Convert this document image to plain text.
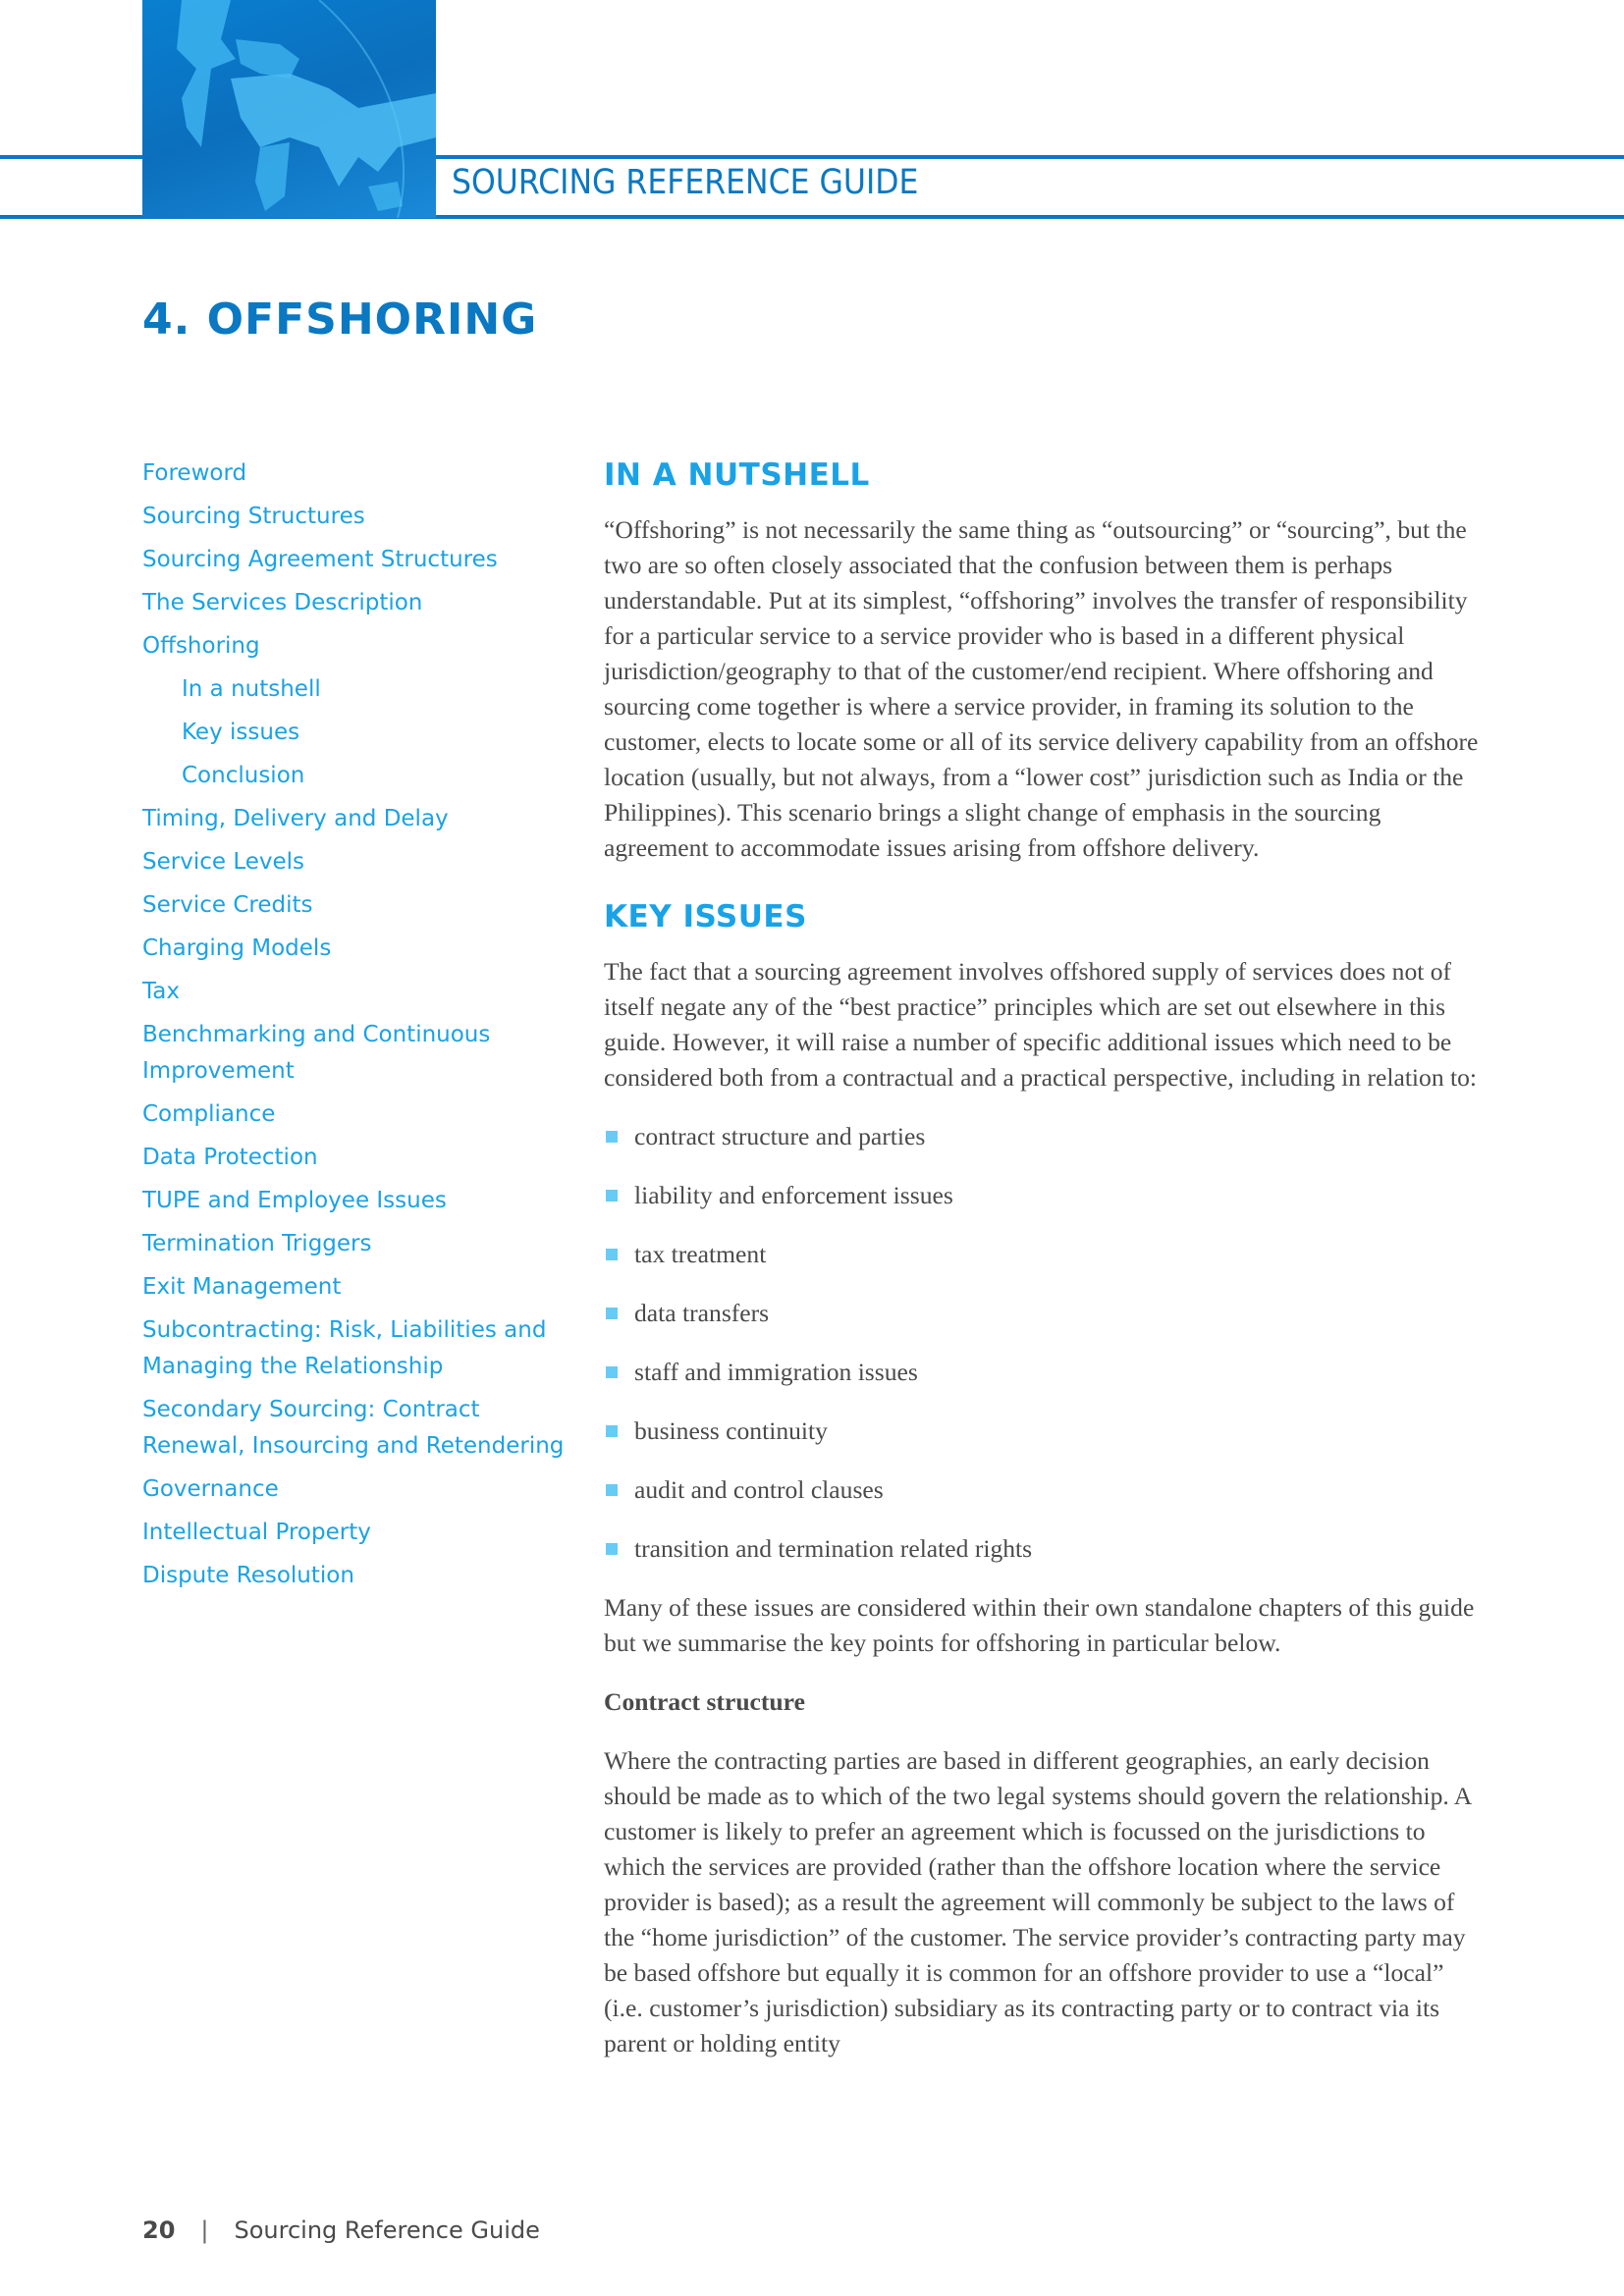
SOURCING REFERENCE GUIDE
4. OFFSHORING
Foreword
Sourcing Structures
Sourcing Agreement Structures
The Services Description
Offshoring
In a nutshell
Key issues
Conclusion
Timing, Delivery and Delay
Service Levels
Service Credits
Charging Models
Tax
Benchmarking and Continuous
Improvement
Compliance
Data Protection
TUPE and Employee Issues
Termination Triggers
Exit Management
Subcontracting: Risk, Liabilities and
Managing the Relationship
Secondary Sourcing: Contract
Renewal, Insourcing and Retendering
Governance
Intellectual Property
Dispute Resolution
IN A NUTSHELL

“Offshoring” is not necessarily the same thing as “outsourcing” or “sourcing”, but the two are so often closely associated that the confusion between them is perhaps understandable. Put at its simplest, “offshoring” involves the transfer of responsibility for a particular service to a service provider who is based in a different physical jurisdiction/geography to that of the customer/end recipient. Where offshoring and sourcing come together is where a service provider, in framing its solution to the customer, elects to locate some or all of its service delivery capability from an offshore location (usually, but not always, from a “lower cost” jurisdiction such as India or the Philippines). This scenario brings a slight change of emphasis in the sourcing agreement to accommodate issues arising from offshore delivery.

KEY ISSUES

The fact that a sourcing agreement involves offshored supply of services does not of itself negate any of the “best practice” principles which are set out elsewhere in this guide. However, it will raise a number of specific additional issues which need to be considered both from a contractual and a practical perspective, including in relation to:

contract structure and parties
liability and enforcement issues
tax treatment
data transfers
staff and immigration issues
business continuity
audit and control clauses
transition and termination related rights

Many of these issues are considered within their own standalone chapters of this guide but we summarise the key points for offshoring in particular below.

Contract structure

Where the contracting parties are based in different geographies, an early decision should be made as to which of the two legal systems should govern the relationship. A customer is likely to prefer an agreement which is focussed on the jurisdictions to which the services are provided (rather than the offshore location where the service provider is based); as a result the agreement will commonly be subject to the laws of the “home jurisdiction” of the customer. The service provider’s contracting party may be based offshore but equally it is common for an offshore provider to use a “local” (i.e. customer’s jurisdiction) subsidiary as its contracting party or to contract via its parent or holding entity

20 | Sourcing Reference Guide
